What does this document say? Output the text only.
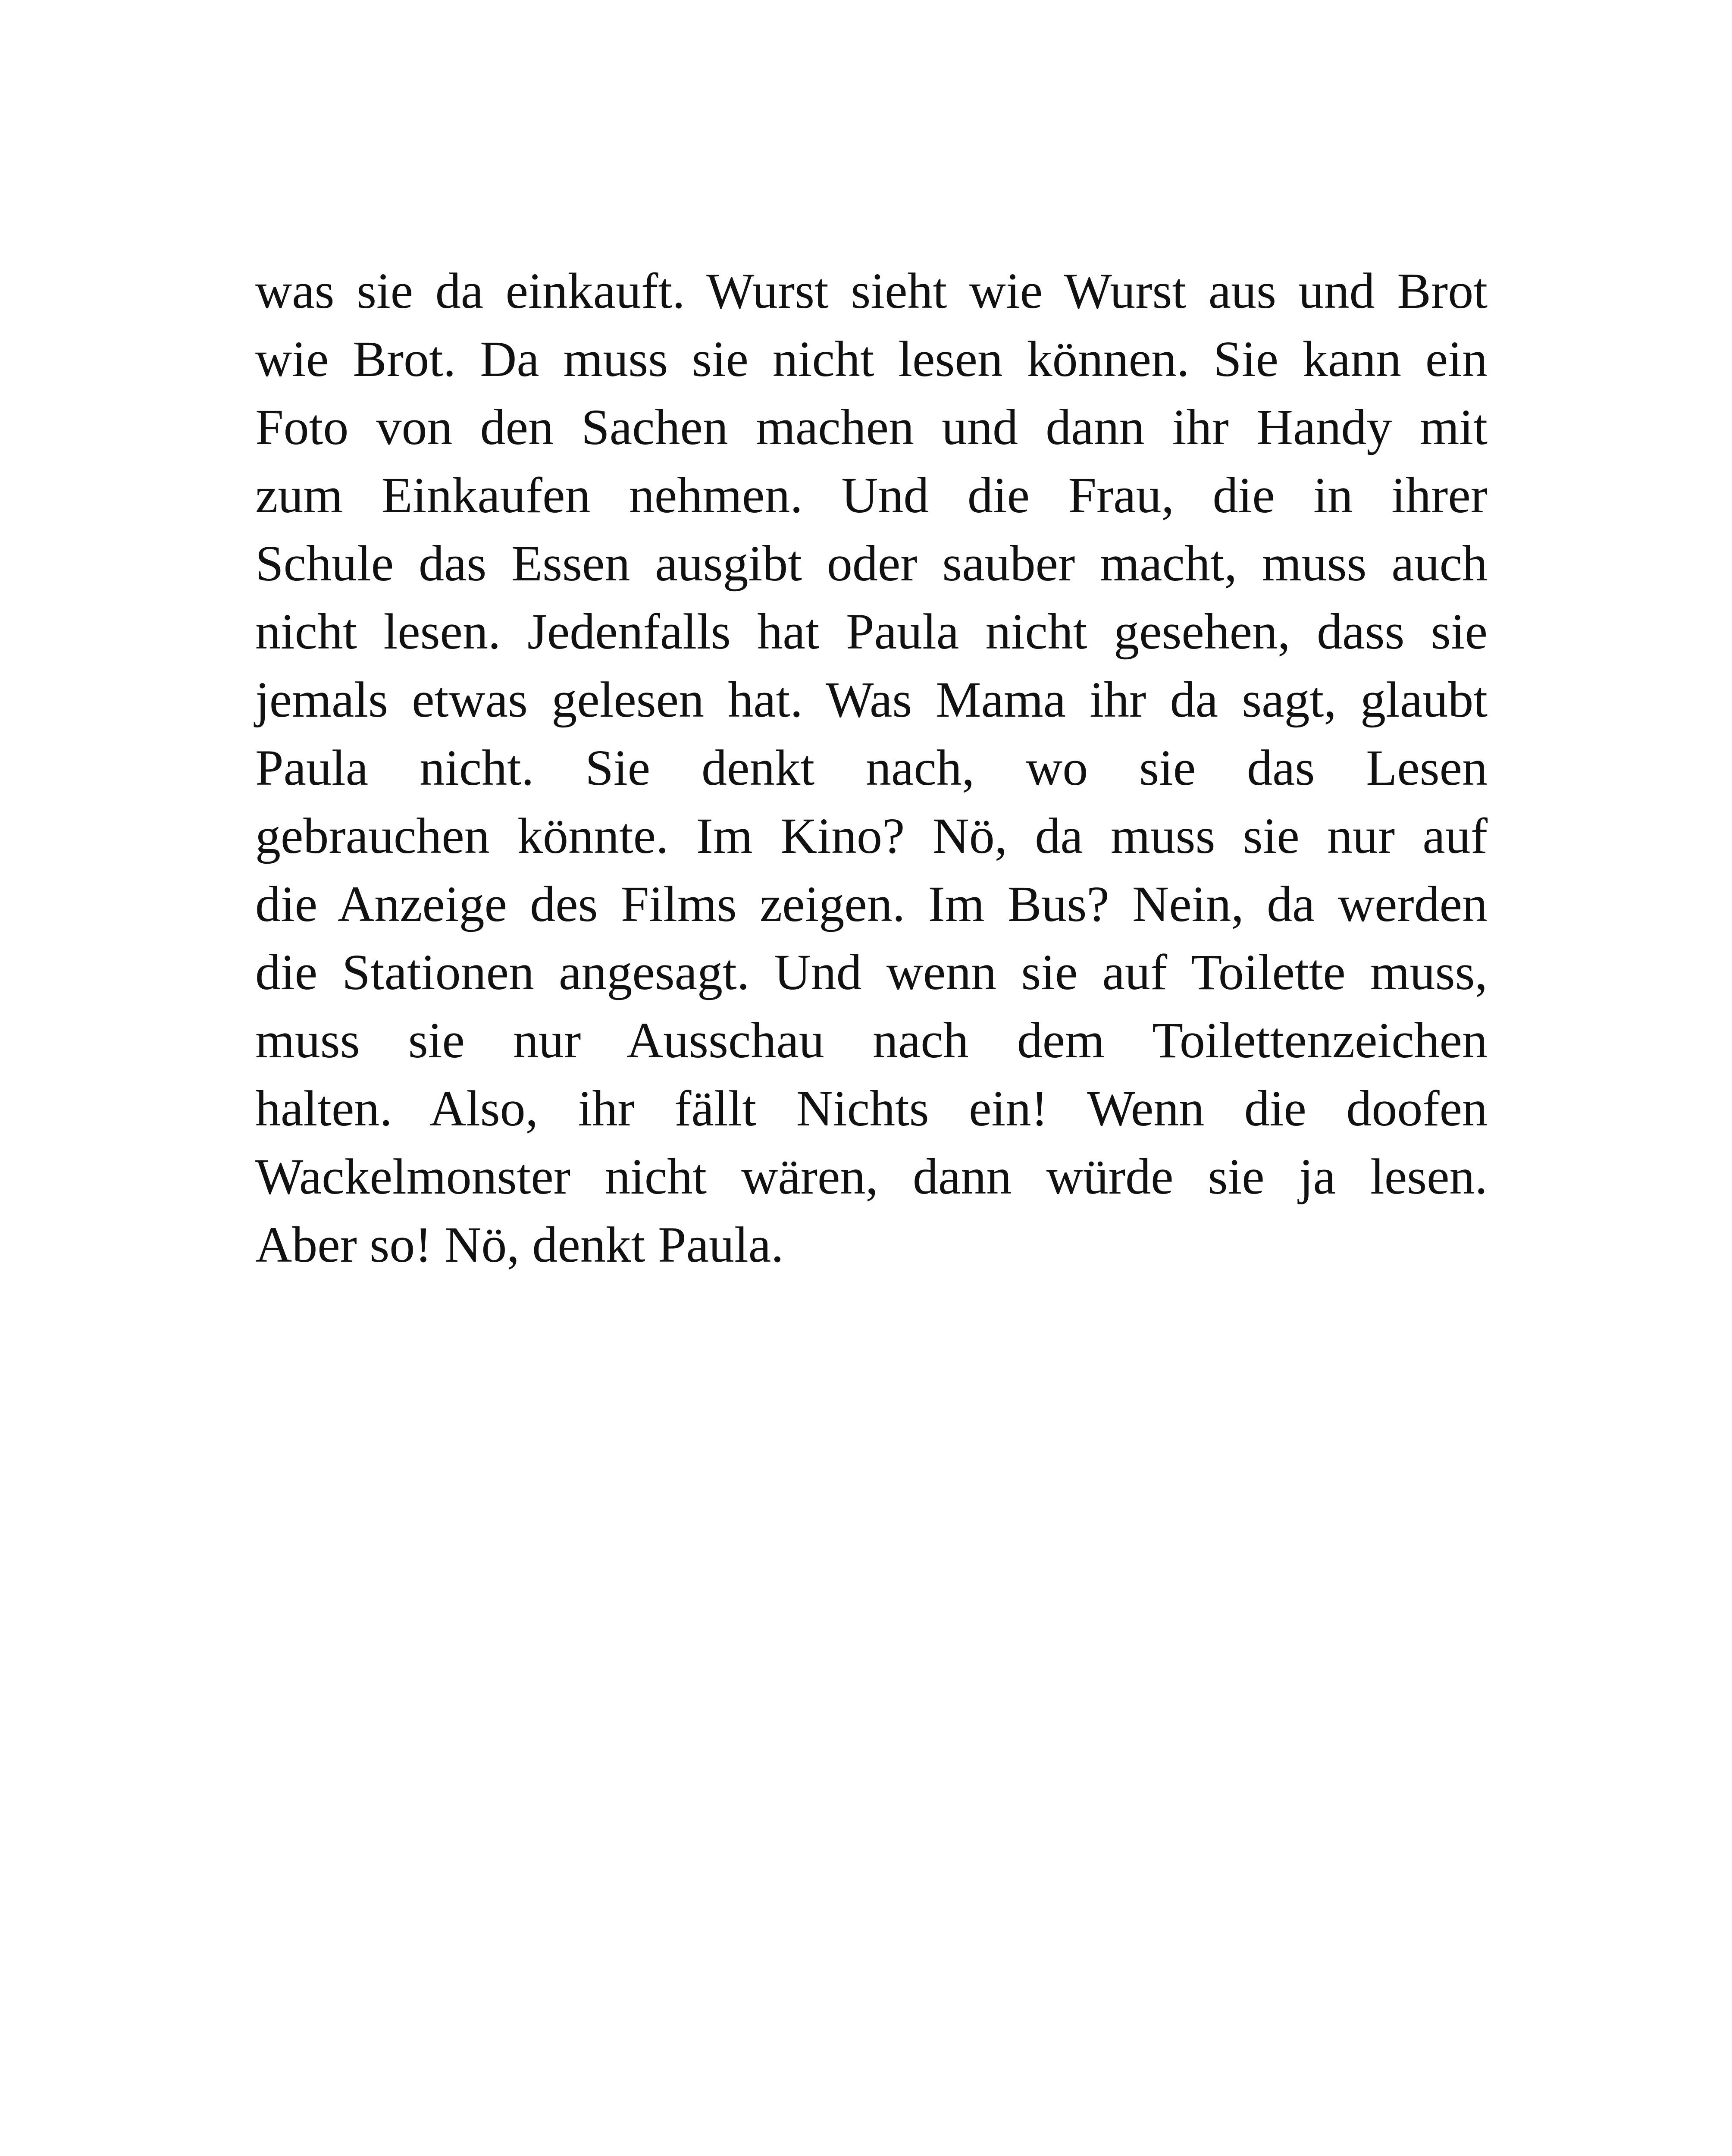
was sie da einkauft. Wurst sieht wie Wurst aus und Brot
wie Brot. Da muss sie nicht lesen können. Sie kann ein
Foto von den Sachen machen und dann ihr Handy mit
zum Einkaufen nehmen. Und die Frau, die in ihrer
Schule das Essen ausgibt oder sauber macht, muss auch
nicht lesen. Jedenfalls hat Paula nicht gesehen, dass sie
jemals etwas gelesen hat. Was Mama ihr da sagt, glaubt
Paula nicht. Sie denkt nach, wo sie das Lesen
gebrauchen könnte. Im Kino? Nö, da muss sie nur auf
die Anzeige des Films zeigen. Im Bus? Nein, da werden
die Stationen angesagt. Und wenn sie auf Toilette muss,
muss sie nur Ausschau nach dem Toilettenzeichen
halten. Also, ihr fällt Nichts ein! Wenn die doofen
Wackelmonster nicht wären, dann würde sie ja lesen.
Aber so! Nö, denkt Paula.
